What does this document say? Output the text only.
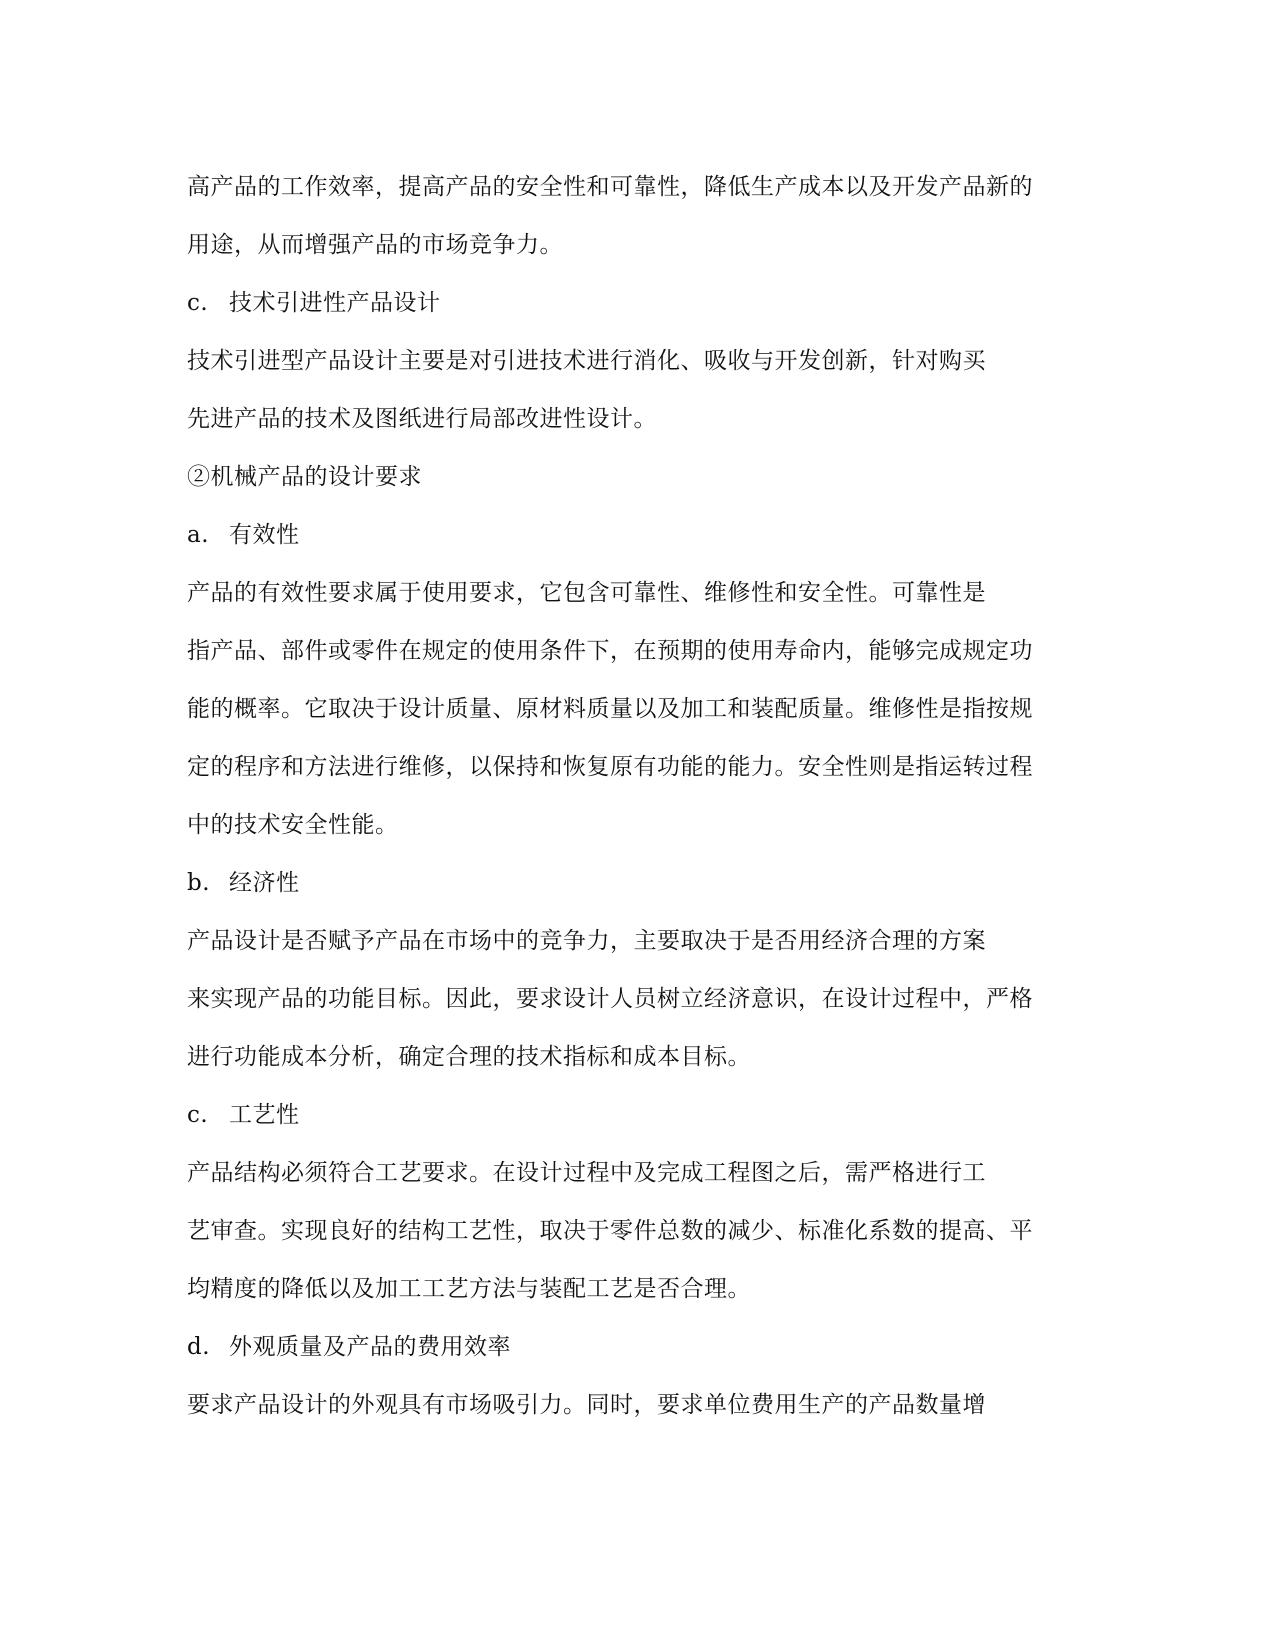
高产品的工作效率，提高产品的安全性和可靠性，降低生产成本以及开发产品新的
用途，从而增强产品的市场竞争力。
c. 技术引进性产品设计
技术引进型产品设计主要是对引进技术进行消化、吸收与开发创新，针对购买
先进产品的技术及图纸进行局部改进性设计。
②机械产品的设计要求
a. 有效性
产品的有效性要求属于使用要求，它包含可靠性、维修性和安全性。可靠性是
指产品、部件或零件在规定的使用条件下，在预期的使用寿命内，能够完成规定功
能的概率。它取决于设计质量、原材料质量以及加工和装配质量。维修性是指按规
定的程序和方法进行维修，以保持和恢复原有功能的能力。安全性则是指运转过程
中的技术安全性能。
b. 经济性
产品设计是否赋予产品在市场中的竞争力，主要取决于是否用经济合理的方案
来实现产品的功能目标。因此，要求设计人员树立经济意识，在设计过程中，严格
进行功能成本分析，确定合理的技术指标和成本目标。
c. 工艺性
产品结构必须符合工艺要求。在设计过程中及完成工程图之后，需严格进行工
艺审查。实现良好的结构工艺性，取决于零件总数的减少、标准化系数的提高、平
均精度的降低以及加工工艺方法与装配工艺是否合理。
d. 外观质量及产品的费用效率
要求产品设计的外观具有市场吸引力。同时，要求单位费用生产的产品数量增
